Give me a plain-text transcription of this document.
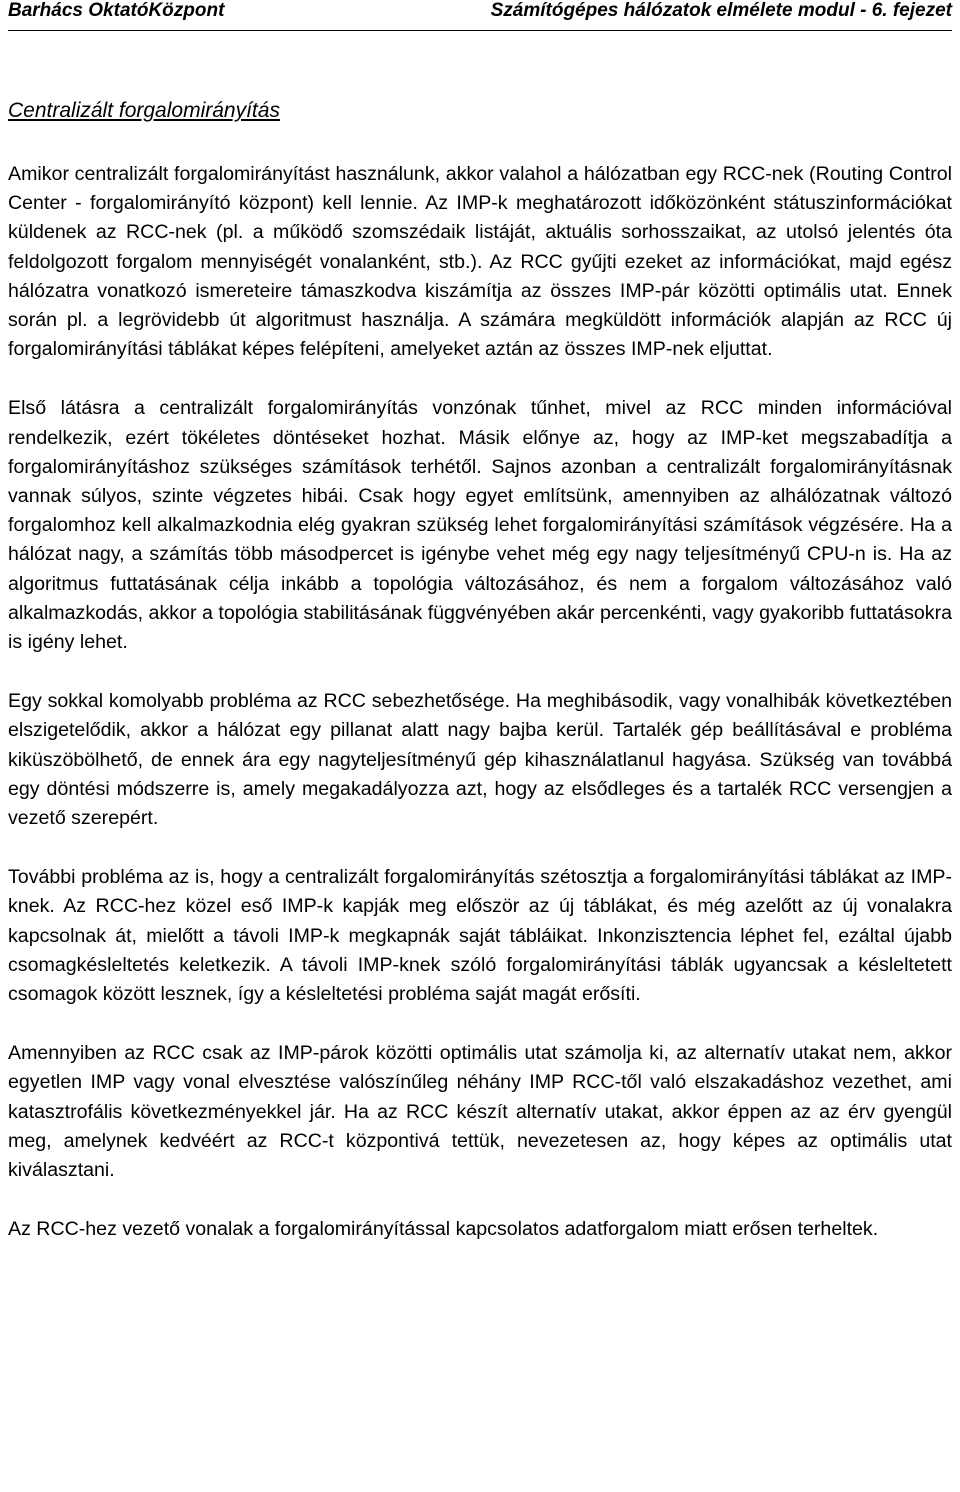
Barhács OktatóKözpont	Számítógépes hálózatok elmélete modul - 6. fejezet
Centralizált forgalomirányítás

Amikor centralizált forgalomirányítást használunk, akkor valahol a hálózatban egy RCC-nek (Routing Control Center - forgalomirányító központ) kell lennie. Az IMP-k meghatározott időközönként státuszinformációkat küldenek az RCC-nek (pl. a működő szomszédaik listáját, aktuális sorhosszaikat, az utolsó jelentés óta feldolgozott forgalom mennyiségét vonalanként, stb.). Az RCC gyűjti ezeket az információkat, majd egész hálózatra vonatkozó ismereteire támaszkodva kiszámítja az összes IMP-pár közötti optimális utat. Ennek során pl. a legrövidebb út algoritmust használja. A számára megküldött információk alapján az RCC új forgalomirányítási táblákat képes felépíteni, amelyeket aztán az összes IMP-nek eljuttat.

Első látásra a centralizált forgalomirányítás vonzónak tűnhet, mivel az RCC minden információval rendelkezik, ezért tökéletes döntéseket hozhat. Másik előnye az, hogy az IMP-ket megszabadítja a forgalomirányításhoz szükséges számítások terhétől. Sajnos azonban a centralizált forgalomirányításnak vannak súlyos, szinte végzetes hibái. Csak hogy egyet említsünk, amennyiben az alhálózatnak változó forgalomhoz kell alkalmazkodnia elég gyakran szükség lehet forgalomirányítási számítások végzésére. Ha a hálózat nagy, a számítás több másodpercet is igénybe vehet még egy nagy teljesítményű CPU-n is. Ha az algoritmus futtatásának célja inkább a topológia változásához, és nem a forgalom változásához való alkalmazkodás, akkor a topológia stabilitásának függvényében akár percenkénti, vagy gyakoribb futtatásokra is igény lehet.

Egy sokkal komolyabb probléma az RCC sebezhetősége. Ha meghibásodik, vagy vonalhibák következtében elszigetelődik, akkor a hálózat egy pillanat alatt nagy bajba kerül. Tartalék gép beállításával e probléma kiküszöbölhető, de ennek ára egy nagyteljesítményű gép kihasználatlanul hagyása. Szükség van továbbá egy döntési módszerre is, amely megakadályozza azt, hogy az elsődleges és a tartalék RCC versengjen a vezető szerepért.

További probléma az is, hogy a centralizált forgalomirányítás szétosztja a forgalomirányítási táblákat az IMP-knek. Az RCC-hez közel eső IMP-k kapják meg először az új táblákat, és még azelőtt az új vonalakra kapcsolnak át, mielőtt a távoli IMP-k megkapnák saját tábláikat. Inkonzisztencia léphet fel, ezáltal újabb csomagkésleltetés keletkezik. A távoli IMP-knek szóló forgalomirányítási táblák ugyancsak a késleltetett csomagok között lesznek, így a késleltetési probléma saját magát erősíti.

Amennyiben az RCC csak az IMP-párok közötti optimális utat számolja ki, az alternatív utakat nem, akkor egyetlen IMP vagy vonal elvesztése valószínűleg néhány IMP RCC-től való elszakadáshoz vezethet, ami katasztrofális következményekkel jár. Ha az RCC készít alternatív utakat, akkor éppen az az érv gyengül meg, amelynek kedvéért az RCC-t központivá tettük, nevezetesen az, hogy képes az optimális utat kiválasztani.

Az RCC-hez vezető vonalak a forgalomirányítással kapcsolatos adatforgalom miatt erősen terheltek.
